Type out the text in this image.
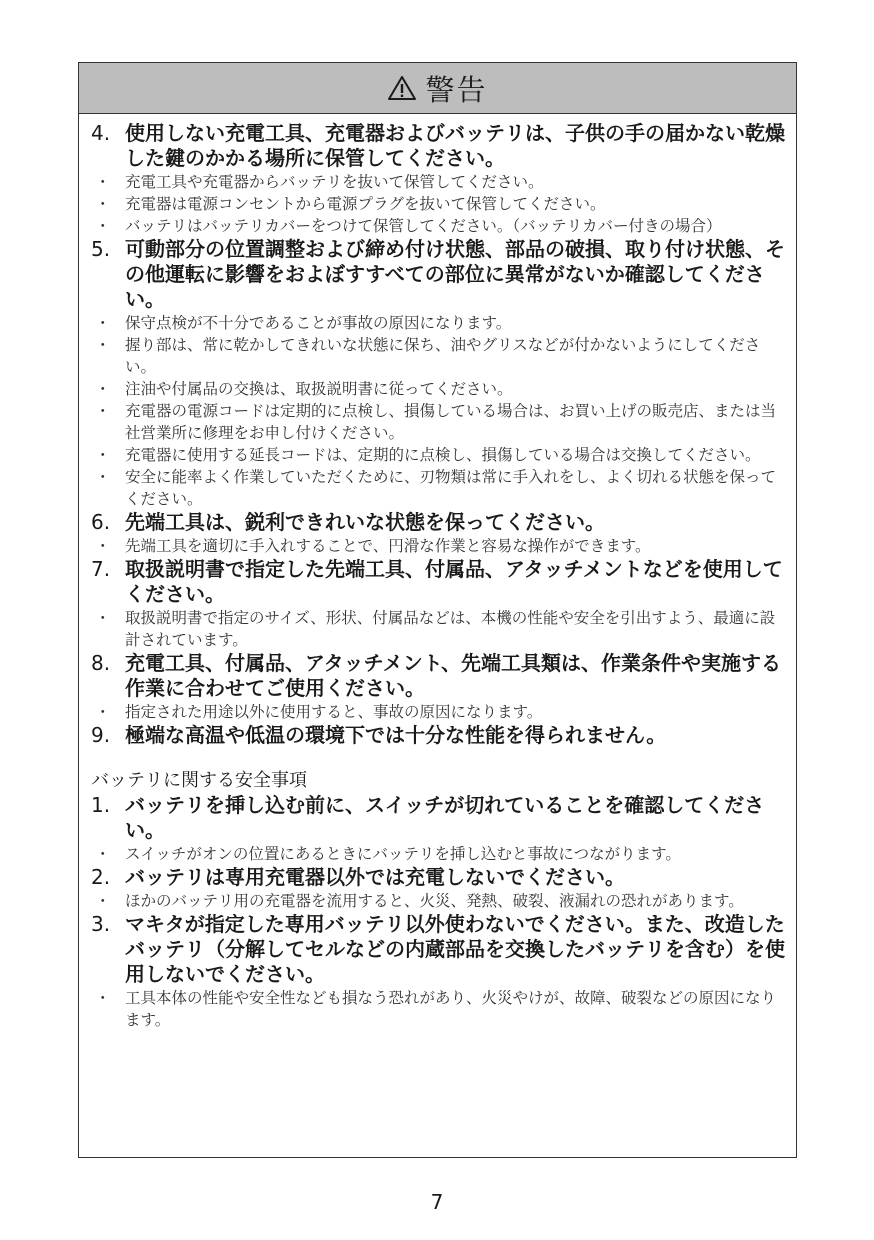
警告
4. 使用しない充電工具、充電器およびバッテリは、子供の手の届かない乾燥した鍵のかかる場所に保管してください。
・ 充電工具や充電器からバッテリを抜いて保管してください。
・ 充電器は電源コンセントから電源プラグを抜いて保管してください。
・ バッテリはバッテリカバーをつけて保管してください。（バッテリカバー付きの場合）
5. 可動部分の位置調整および締め付け状態、部品の破損、取り付け状態、その他運転に影響をおよぼすすべての部位に異常がないか確認してください。
・ 保守点検が不十分であることが事故の原因になります。
・ 握り部は、常に乾かしてきれいな状態に保ち、油やグリスなどが付かないようにしてください。
・ 注油や付属品の交換は、取扱説明書に従ってください。
・ 充電器の電源コードは定期的に点検し、損傷している場合は、お買い上げの販売店、または当社営業所に修理をお申し付けください。
・ 充電器に使用する延長コードは、定期的に点検し、損傷している場合は交換してください。
・ 安全に能率よく作業していただくために、刃物類は常に手入れをし、よく切れる状態を保ってください。
6. 先端工具は、鋭利できれいな状態を保ってください。
・ 先端工具を適切に手入れすることで、円滑な作業と容易な操作ができます。
7. 取扱説明書で指定した先端工具、付属品、アタッチメントなどを使用してください。
・ 取扱説明書で指定のサイズ、形状、付属品などは、本機の性能や安全を引出すよう、最適に設計されています。
8. 充電工具、付属品、アタッチメント、先端工具類は、作業条件や実施する作業に合わせてご使用ください。
・ 指定された用途以外に使用すると、事故の原因になります。
9. 極端な高温や低温の環境下では十分な性能を得られません。
バッテリに関する安全事項
1. バッテリを挿し込む前に、スイッチが切れていることを確認してください。
・ スイッチがオンの位置にあるときにバッテリを挿し込むと事故につながります。
2. バッテリは専用充電器以外では充電しないでください。
・ ほかのバッテリ用の充電器を流用すると、火災、発熱、破裂、液漏れの恐れがあります。
3. マキタが指定した専用バッテリ以外使わないでください。また、改造したバッテリ（分解してセルなどの内蔵部品を交換したバッテリを含む）を使用しないでください。
・ 工具本体の性能や安全性なども損なう恐れがあり、火災やけが、故障、破裂などの原因になります。
7
